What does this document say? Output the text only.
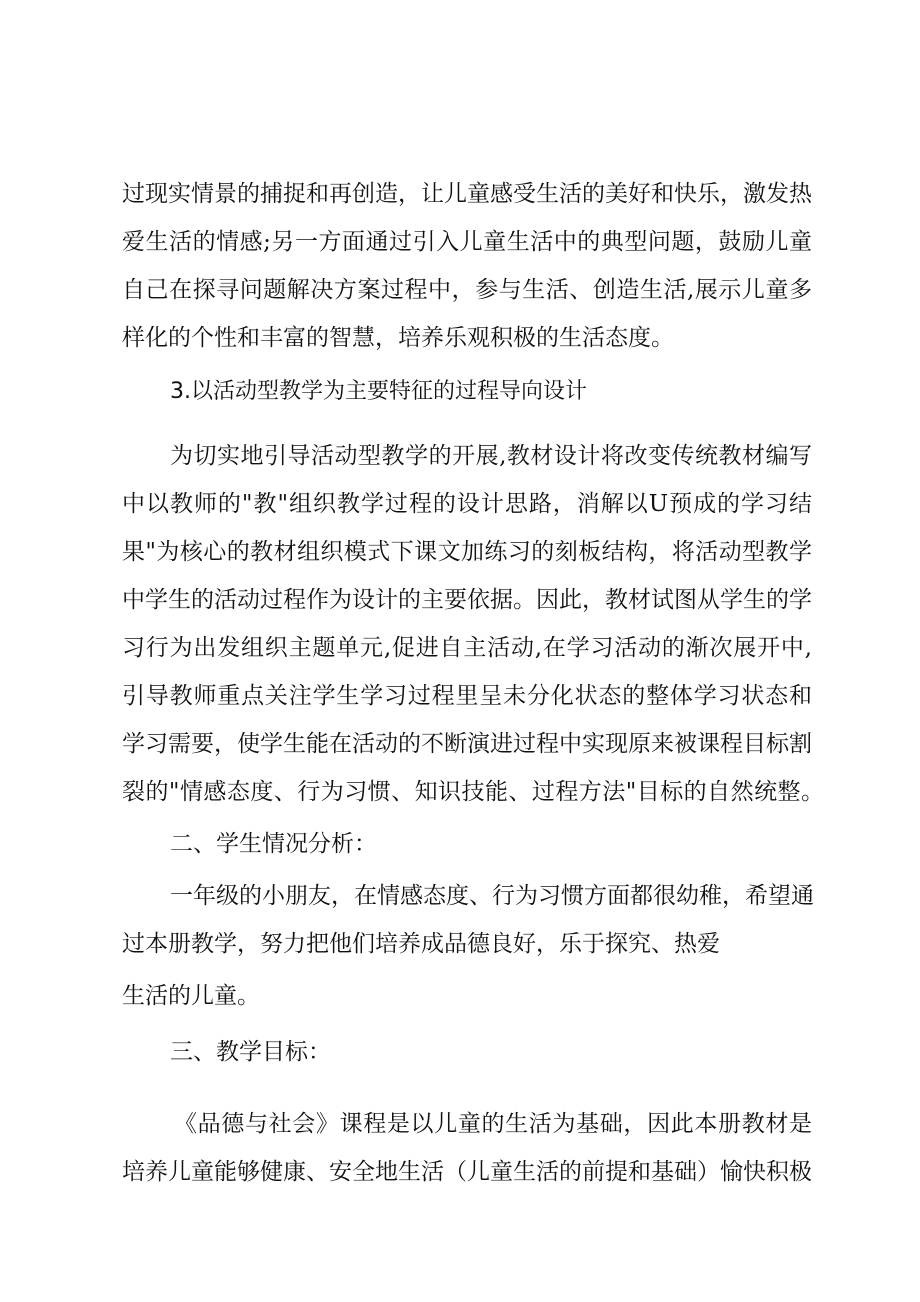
过现实情景的捕捉和再创造，让儿童感受生活的美好和快乐，激发热

爱生活的情感;另一方面通过引入儿童生活中的典型问题，鼓励儿童

自己在探寻问题解决方案过程中，参与生活、创造生活,展示儿童多

样化的个性和丰富的智慧，培养乐观积极的生活态度。

3.以活动型教学为主要特征的过程导向设计

为切实地引导活动型教学的开展,教材设计将改变传统教材编写

中以教师的"教"组织教学过程的设计思路，消解以U预成的学习结

果"为核心的教材组织模式下课文加练习的刻板结构，将活动型教学

中学生的活动过程作为设计的主要依据。因此，教材试图从学生的学

习行为出发组织主题单元,促进自主活动,在学习活动的渐次展开中,

引导教师重点关注学生学习过程里呈未分化状态的整体学习状态和

学习需要，使学生能在活动的不断演进过程中实现原来被课程目标割

裂的"情感态度、行为习惯、知识技能、过程方法"目标的自然统整。

二、学生情况分析：

一年级的小朋友，在情感态度、行为习惯方面都很幼稚，希望通

过本册教学，努力把他们培养成品德良好，乐于探究、热爱

生活的儿童。

三、教学目标：

《品德与社会》课程是以儿童的生活为基础，因此本册教材是

培养儿童能够健康、安全地生活（儿童生活的前提和基础）愉快积极
